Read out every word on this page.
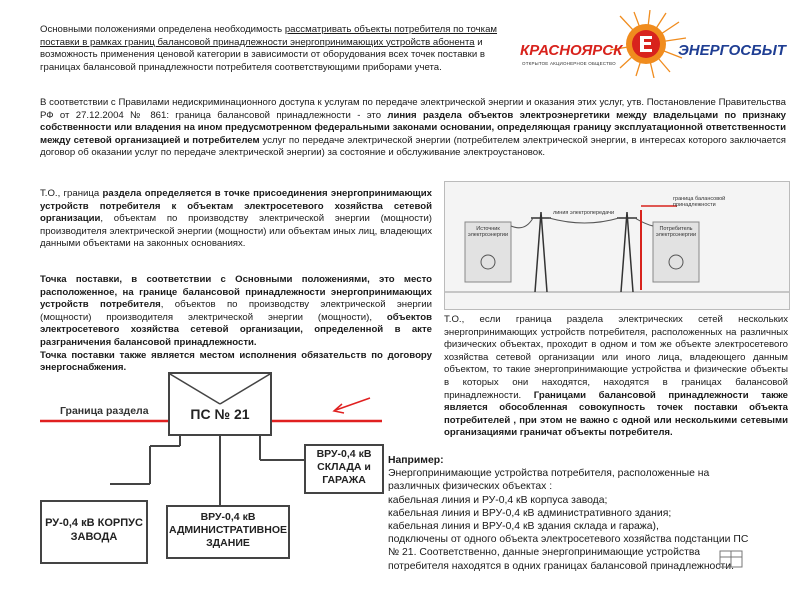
Основными положениями определена необходимость рассматривать объекты потребителя по точкам поставки в рамках границ балансовой принадлежности энергопринимающих устройств абонента и возможность применения ценовой категории в зависимости от оборудования всех точек поставки в границах балансовой принадлежности потребителя соответствующими приборами учета.
КРАСНОЯРСК
ОТКРЫТОЕ АКЦИОНЕРНОЕ ОБЩЕСТВО
ЭНЕРГОСБЫТ
В соответствии с Правилами недискриминационного доступа к услугам по передаче электрической энергии и оказания этих услуг, утв. Постановление Правительства РФ от 27.12.2004 № 861: граница балансовой принадлежности - это линия раздела объектов электроэнергетики между владельцами по признаку собственности или владения на ином предусмотренном федеральными законами основании, определяющая границу эксплуатационной ответственности между сетевой организацией и потребителем услуг по передаче электрической энергии (потребителем электрической энергии, в интересах которого заключается договор об оказании услуг по передаче электрической энергии) за состояние и обслуживание электроустановок.
Т.О., граница раздела определяется в точке присоединения энергопринимающих устройств потребителя к объектам электросетевого хозяйства сетевой организации, объектам по производству электрической энергии (мощности) производителя электрической энергии (мощности) или объектам иных лиц, владеющих данными объектами на законных основаниях.
Точка поставки, в соответствии с Основными положениями, это место расположенное, на границе балансовой принадлежности энергопринимающих устройств потребителя, объектов по производству электрической энергии (мощности) производителя электрической энергии (мощности), объектов электросетевого хозяйства сетевой организации, определенной в акте разграничения балансовой принадлежности.
Точка поставки также является местом исполнения обязательств по договору энергоснабжения.
граница балансовой принадлежности
линия электропередачи
Источник электроэнергии
Потребитель электроэнергии
Т.О., если граница раздела электрических сетей нескольких энергопринимающих устройств потребителя, расположенных на различных физических объектах, проходит в одном и том же объекте электросетевого хозяйства сетевой организации или иного лица, владеющего данным объектом, то такие энергопринимающие устройства и физические объекты в которых они находятся, находятся в границах балансовой принадлежности. Границами балансовой принадлежности также является обособленная совокупность точек поставки объекта потребителей , при этом не важно с одной или несколькими сетевыми организациями граничат объекты потребителя.
Например:
Энергопринимающие устройства потребителя, расположенные на
различных физических объектах :
кабельная линия и РУ-0,4 кВ корпуса завода;
кабельная линия и ВРУ-0,4 кВ административного здания;
кабельная линия и ВРУ-0,4 кВ здания склада и гаража),
подключены от одного объекта электросетевого хозяйства подстанции ПС
№ 21. Соответственно, данные энергопринимающие устройства
потребителя находятся в одних границах балансовой принадлежности.
Граница раздела	ПС № 21
ВРУ-0,4 кВ СКЛАДА и ГАРАЖА
РУ-0,4 кВ КОРПУС ЗАВОДА
ВРУ-0,4 кВ АДМИНИСТРАТИВНОЕ ЗДАНИЕ
